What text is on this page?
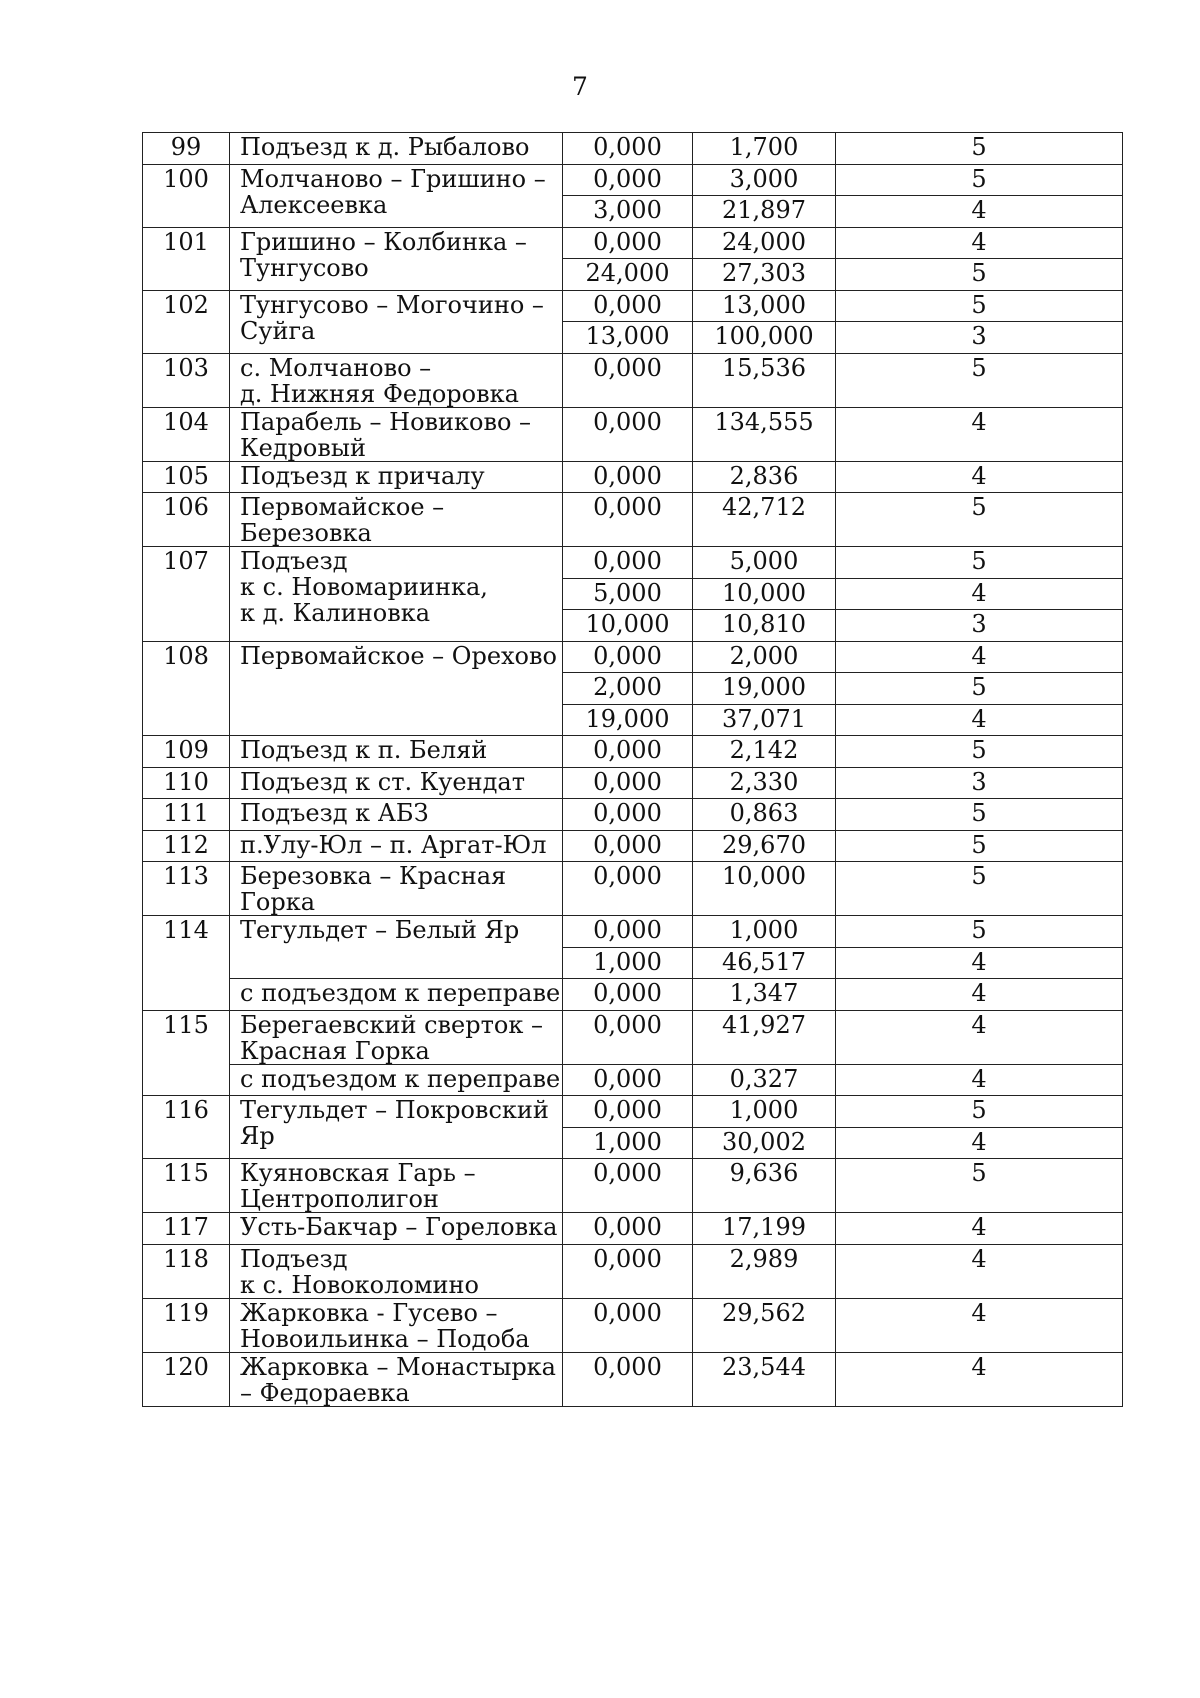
7
99	Подъезд к д. Рыбалово	0,000	1,700	5
100	Молчаново – Гришино –
Алексеевка	0,000	3,000	5
		3,000	21,897	4
101	Гришино – Колбинка –
Тунгусово	0,000	24,000	4
		24,000	27,303	5
102	Тунгусово – Могочино –
Суйга	0,000	13,000	5
		13,000	100,000	3
103	с. Молчаново –
д. Нижняя Федоровка	0,000	15,536	5

104	Парабель – Новиково –
Кедровый	0,000	134,555	4

105	Подъезд к причалу	0,000	2,836	4
106	Первомайское –
Березовка	0,000	42,712	5

107	Подъезд
к с. Новомариинка,
к д. Калиновка	0,000	5,000	5
		5,000	10,000	4
		10,000	10,810	3
108	Первомайское – Орехово	0,000	2,000	4
		2,000	19,000	5
		19,000	37,071	4
109	Подъезд к п. Беляй	0,000	2,142	5
110	Подъезд к ст. Куендат	0,000	2,330	3
111	Подъезд к АБЗ	0,000	0,863	5
112	п.Улу-Юл – п. Аргат-Юл	0,000	29,670	5
113	Березовка – Красная
Горка	0,000	10,000	5

114	Тегульдет – Белый Яр	0,000	1,000	5
		1,000	46,517	4
	с подъездом к переправе	0,000	1,347	4
115	Берегаевский сверток –
Красная Горка	0,000	41,927	4

	с подъездом к переправе	0,000	0,327	4
116	Тегульдет – Покровский
Яр	0,000	1,000	5
		1,000	30,002	4
115	Куяновская Гарь –
Центрополигон	0,000	9,636	5

117	Усть-Бакчар – Гореловка	0,000	17,199	4
118	Подъезд
к с. Новоколомино	0,000	2,989	4

119	Жарковка - Гусево –
Новоильинка – Подоба	0,000	29,562	4

120	Жарковка – Монастырка
– Федораевка	0,000	23,544	4
